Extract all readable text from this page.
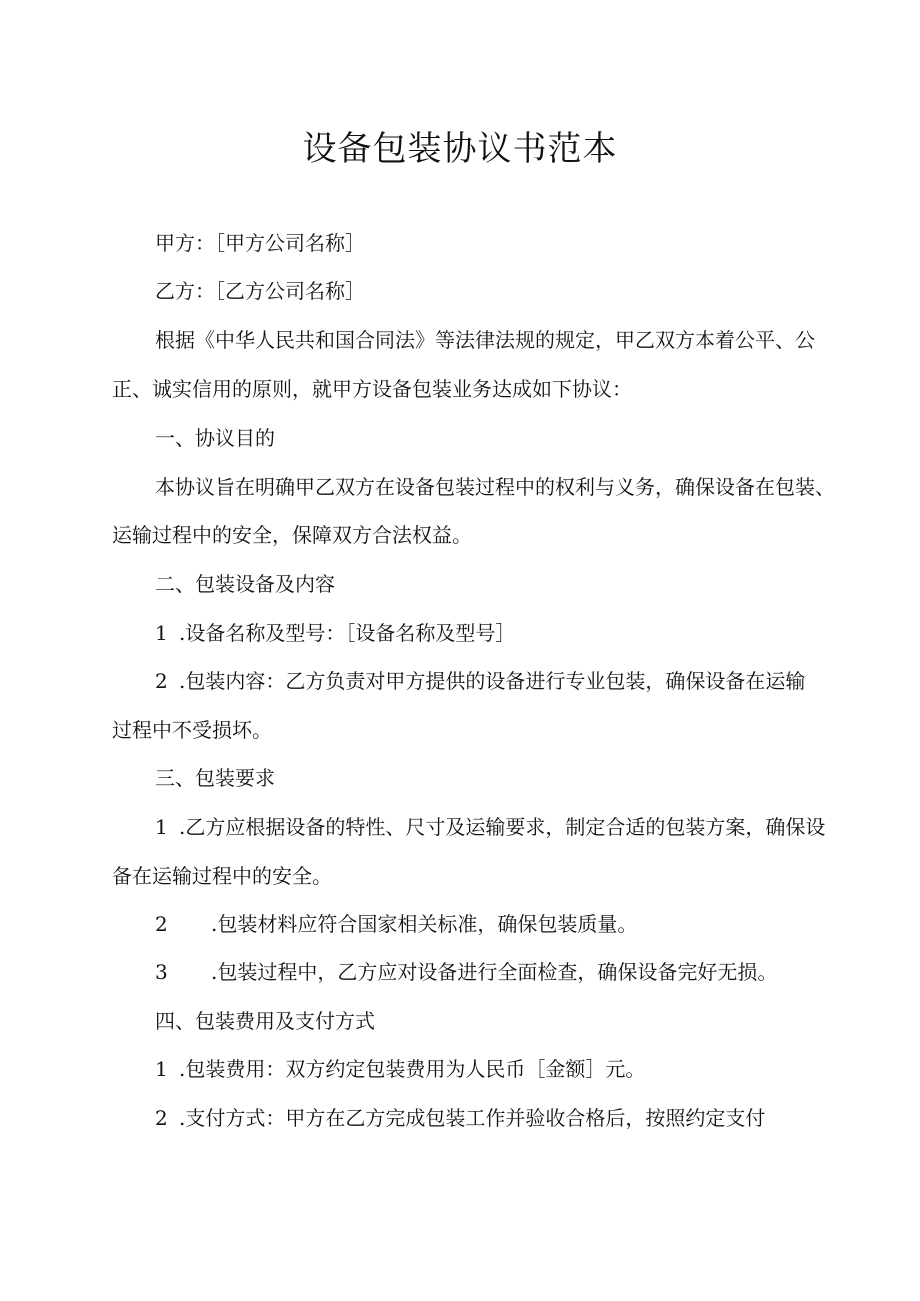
设备包装协议书范本

甲方：［甲方公司名称］

乙方：［乙方公司名称］

根据《中华人民共和国合同法》等法律法规的规定，甲乙双方本着公平、公

正、诚实信用的原则，就甲方设备包装业务达成如下协议：

一、协议目的

本协议旨在明确甲乙双方在设备包装过程中的权利与义务，确保设备在包装、

运输过程中的安全，保障双方合法权益。

二、包装设备及内容

1 .设备名称及型号：［设备名称及型号］

2 .包装内容：乙方负责对甲方提供的设备进行专业包装，确保设备在运输

过程中不受损坏。

三、包装要求

1 .乙方应根据设备的特性、尺寸及运输要求，制定合适的包装方案，确保设

备在运输过程中的安全。

2 .包装材料应符合国家相关标准，确保包装质量。

3 .包装过程中，乙方应对设备进行全面检查，确保设备完好无损。

四、包装费用及支付方式

1 .包装费用：双方约定包装费用为人民币［金额］元。

2 .支付方式：甲方在乙方完成包装工作并验收合格后，按照约定支付
